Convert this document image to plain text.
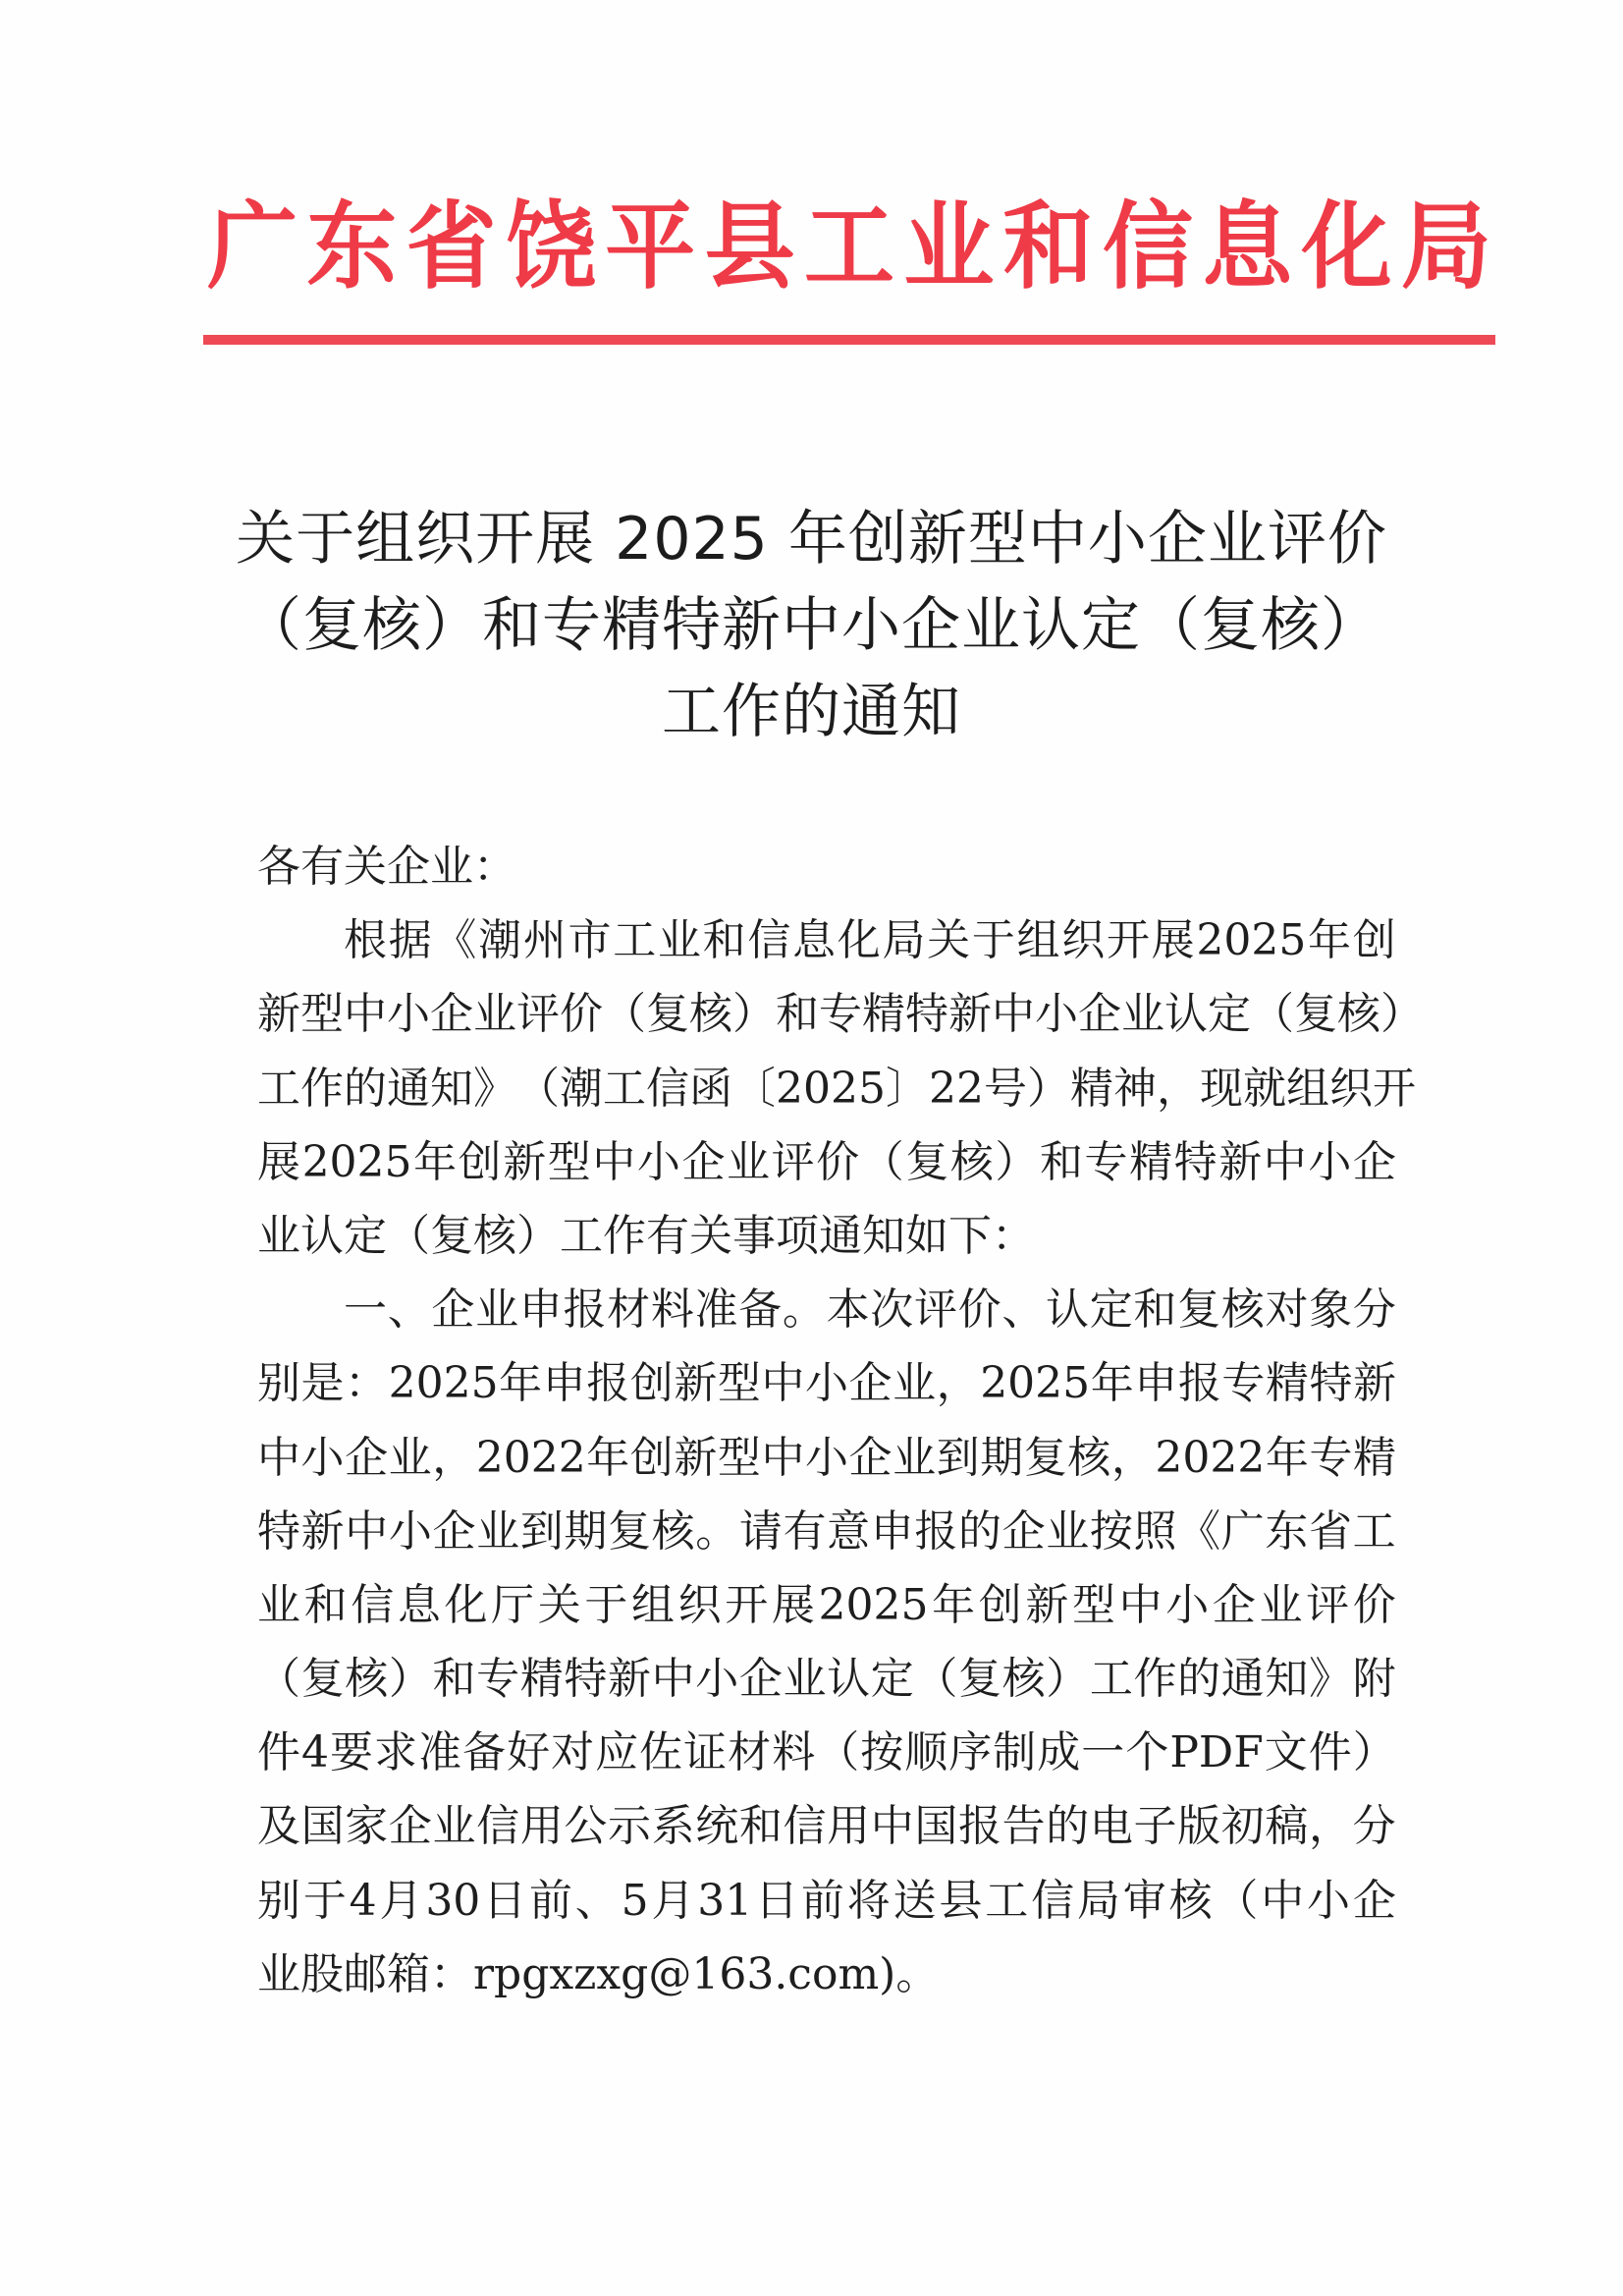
广 东 省 饶 平 县 工 业 和 信 息 化 局
关于组织开展 2025 年创新型中小企业评价
（复核）和专精特新中小企业认定（复核）
工作的通知
各有关企业：
根 据 《 潮 州 市 工 业 和 信 息 化 局 关 于 组 织 开 展 2025 年 创
新 型 中 小 企 业 评 价 （ 复 核 ） 和 专 精 特 新 中 小 企 业 认 定 （ 复 核 ）
工 作 的 通 知 》 （ 潮 工 信 函 〔 2025 〕 22 号 ） 精 神 ， 现 就 组 织 开
展 2025 年 创 新 型 中 小 企 业 评 价 （ 复 核 ） 和 专 精 特 新 中 小 企
业认定（复核）工作有关事项通知如下：
一 、 企 业 申 报 材 料 准 备 。 本 次 评 价 、 认 定 和 复 核 对 象 分
别 是 ： 2025 年 申 报 创 新 型 中 小 企 业 ， 2025 年 申 报 专 精 特 新
中 小 企 业 ， 2022 年 创 新 型 中 小 企 业 到 期 复 核 ， 2022 年 专 精
特 新 中 小 企 业 到 期 复 核 。 请 有 意 申 报 的 企 业 按 照 《 广 东 省 工
业 和 信 息 化 厅 关 于 组 织 开 展 2025 年 创 新 型 中 小 企 业 评 价
（ 复 核 ） 和 专 精 特 新 中 小 企 业 认 定 （ 复 核 ） 工 作 的 通 知 》 附
件 4 要 求 准 备 好 对 应 佐 证 材 料 （ 按 顺 序 制 成 一 个 PDF 文 件 ）
及 国 家 企 业 信 用 公 示 系 统 和 信 用 中 国 报 告 的 电 子 版 初 稿 ， 分
别 于 4 月 30 日 前 、 5 月 31 日 前 将 送 县 工 信 局 审 核 （ 中 小 企
业股邮箱：rpgxzxg@163.com)。
